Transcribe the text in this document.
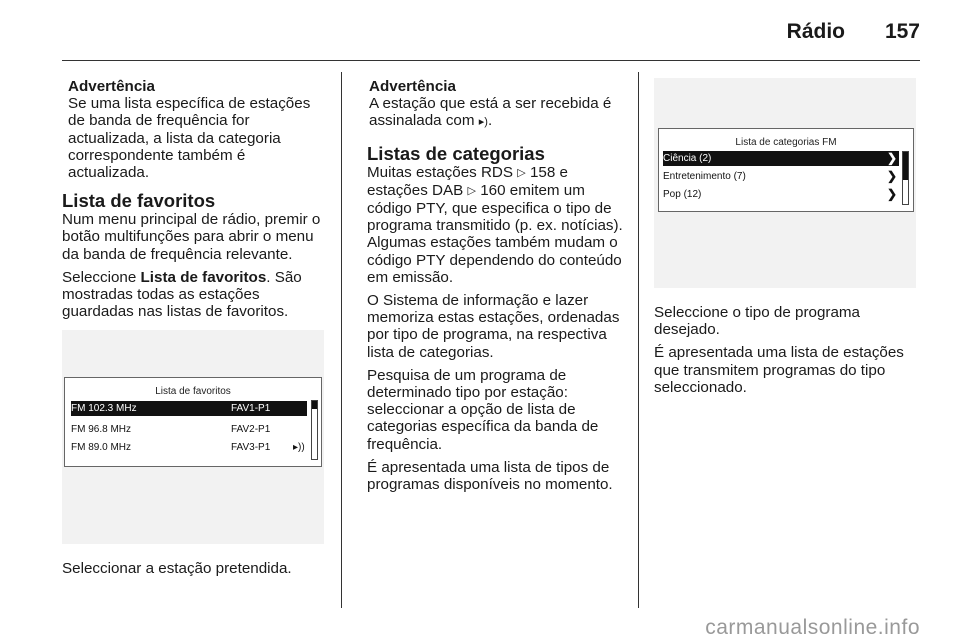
Rádio 157
Advertência
Se uma lista específica de estações de banda de frequência for actualizada, a lista da categoria correspondente também é actualizada.
Lista de favoritos

Num menu principal de rádio, premir o botão multifunções para abrir o menu da banda de frequência relevante.

Seleccione Lista de favoritos. São mostradas todas as estações guardadas nas listas de favoritos.

Lista de favoritos
FM 102.3 MHz	FAV1-P1
FM 96.8 MHz	FAV2-P1
FM 89.0 MHz	FAV3-P1 ▸))

Seleccionar a estação pretendida.

Advertência
A estação que está a ser recebida é assinalada com ▸).
Listas de categorias

Muitas estações RDS ▷ 158 e estações DAB ▷ 160 emitem um código PTY, que especifica o tipo de programa transmitido (p. ex. notícias). Algumas estações também mudam o código PTY dependendo do conteúdo em emissão.

O Sistema de informação e lazer memoriza estas estações, ordenadas por tipo de programa, na respectiva lista de categorias.

Pesquisa de um programa de determinado tipo por estação: seleccionar a opção de lista de categorias específica da banda de frequência.

É apresentada uma lista de tipos de programas disponíveis no momento.

Lista de categorias FM
Ciência (2)	❯
Entretenimento (7)	❯
Pop (12)	❯

Seleccione o tipo de programa desejado.

É apresentada uma lista de estações que transmitem programas do tipo seleccionado.

carmanualsonline.info
